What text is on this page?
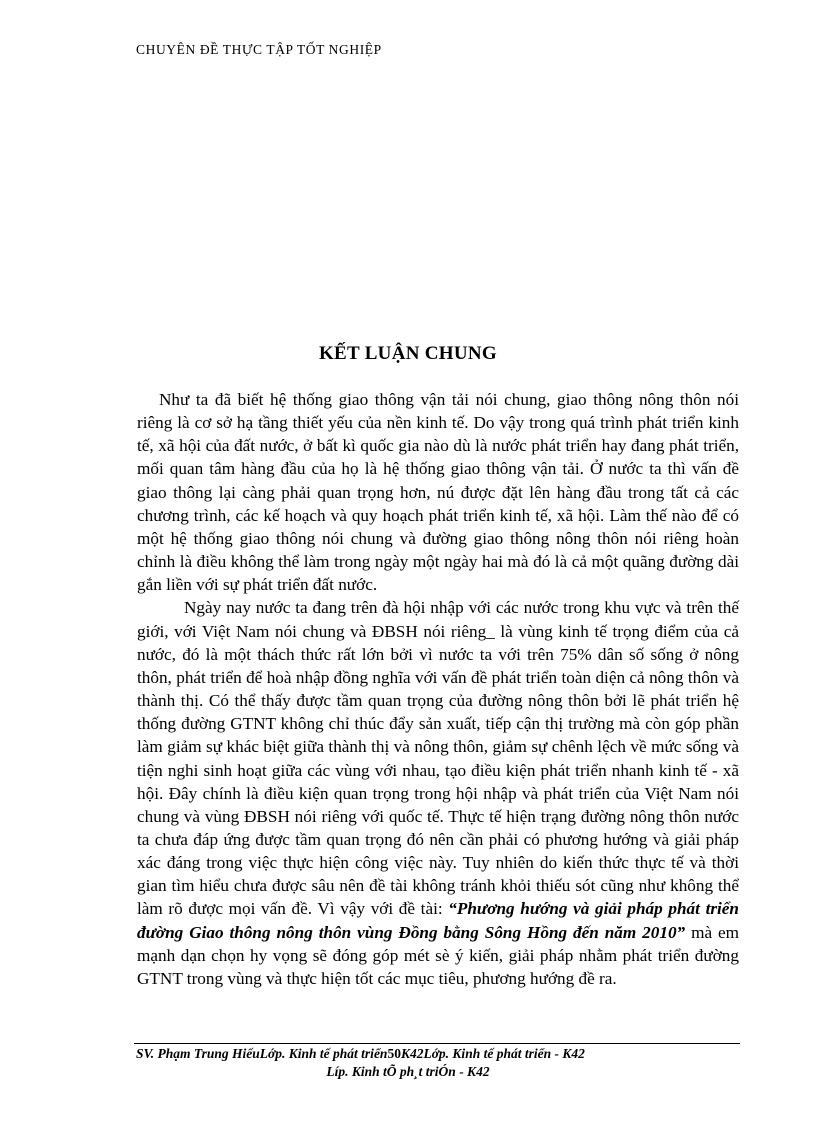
CHUYÊN ĐỀ THỰC TẬP TỐT NGHIỆP
KẾT LUẬN CHUNG

Như ta đã biết hệ thống giao thông vận tải nói chung, giao thông nông thôn nói riêng là cơ sở hạ tầng thiết yếu của nền kinh tế. Do vậy trong quá trình phát triển kinh tế, xã hội của đất nước, ở bất kì quốc gia nào dù là nước phát triển hay đang phát triển, mối quan tâm hàng đầu của họ là hệ thống giao thông vận tải. Ở nước ta thì vấn đề giao thông lại càng phải quan trọng hơn, nú được đặt lên hàng đầu trong tất cả các chương trình, các kế hoạch và quy hoạch phát triển kinh tế, xã hội. Làm thế nào để có một hệ thống giao thông nói chung và đường giao thông nông thôn nói riêng hoàn chỉnh là điều không thể làm trong ngày một ngày hai mà đó là cả một quãng đường dài gắn liền với sự phát triển đất nước.

Ngày nay nước ta đang trên đà hội nhập với các nước trong khu vực và trên thế giới, với Việt Nam nói chung và ĐBSH nói riêng_ là vùng kinh tế trọng điểm của cả nước, đó là một thách thức rất lớn bởi vì nước ta với trên 75% dân số sống ở nông thôn, phát triển để hoà nhập đồng nghĩa với vấn đề phát triển toàn diện cả nông thôn và thành thị. Có thể thấy được tầm quan trọng của đường nông thôn bởi lẽ phát triển hệ thống đường GTNT không chỉ thúc đẩy sản xuất, tiếp cận thị trường mà còn góp phần làm giảm sự khác biệt giữa thành thị và nông thôn, giảm sự chênh lệch về mức sống và tiện nghi sinh hoạt giữa các vùng với nhau, tạo điều kiện phát triển nhanh kinh tế - xã hội. Đây chính là điều kiện quan trọng trong hội nhập và phát triển của Việt Nam nói chung và vùng ĐBSH nói riêng với quốc tế. Thực tế hiện trạng đường nông thôn nước ta chưa đáp ứng được tầm quan trọng đó nên cần phải có phương hướng và giải pháp xác đáng trong việc thực hiện công việc này. Tuy nhiên do kiến thức thực tế và thời gian tìm hiểu chưa được sâu nên đề tài không tránh khỏi thiếu sót cũng như không thể làm rõ được mọi vấn đề. Vì vậy với đề tài: “Phương hướng và giải pháp phát triển đường Giao thông nông thôn vùng Đồng bằng Sông Hồng đến năm 2010” mà em mạnh dạn chọn hy vọng sẽ đóng góp mét sè ý kiến, giải pháp nhằm phát triển đường GTNT trong vùng và thực hiện tốt các mục tiêu, phương hướng đề ra.

SV. Phạm Trung HiếuLớp. Kinh tế phát triển50K42Lớp. Kinh tế phát triển - K42
Líp. Kinh tÕ ph¸t triÓn - K42
